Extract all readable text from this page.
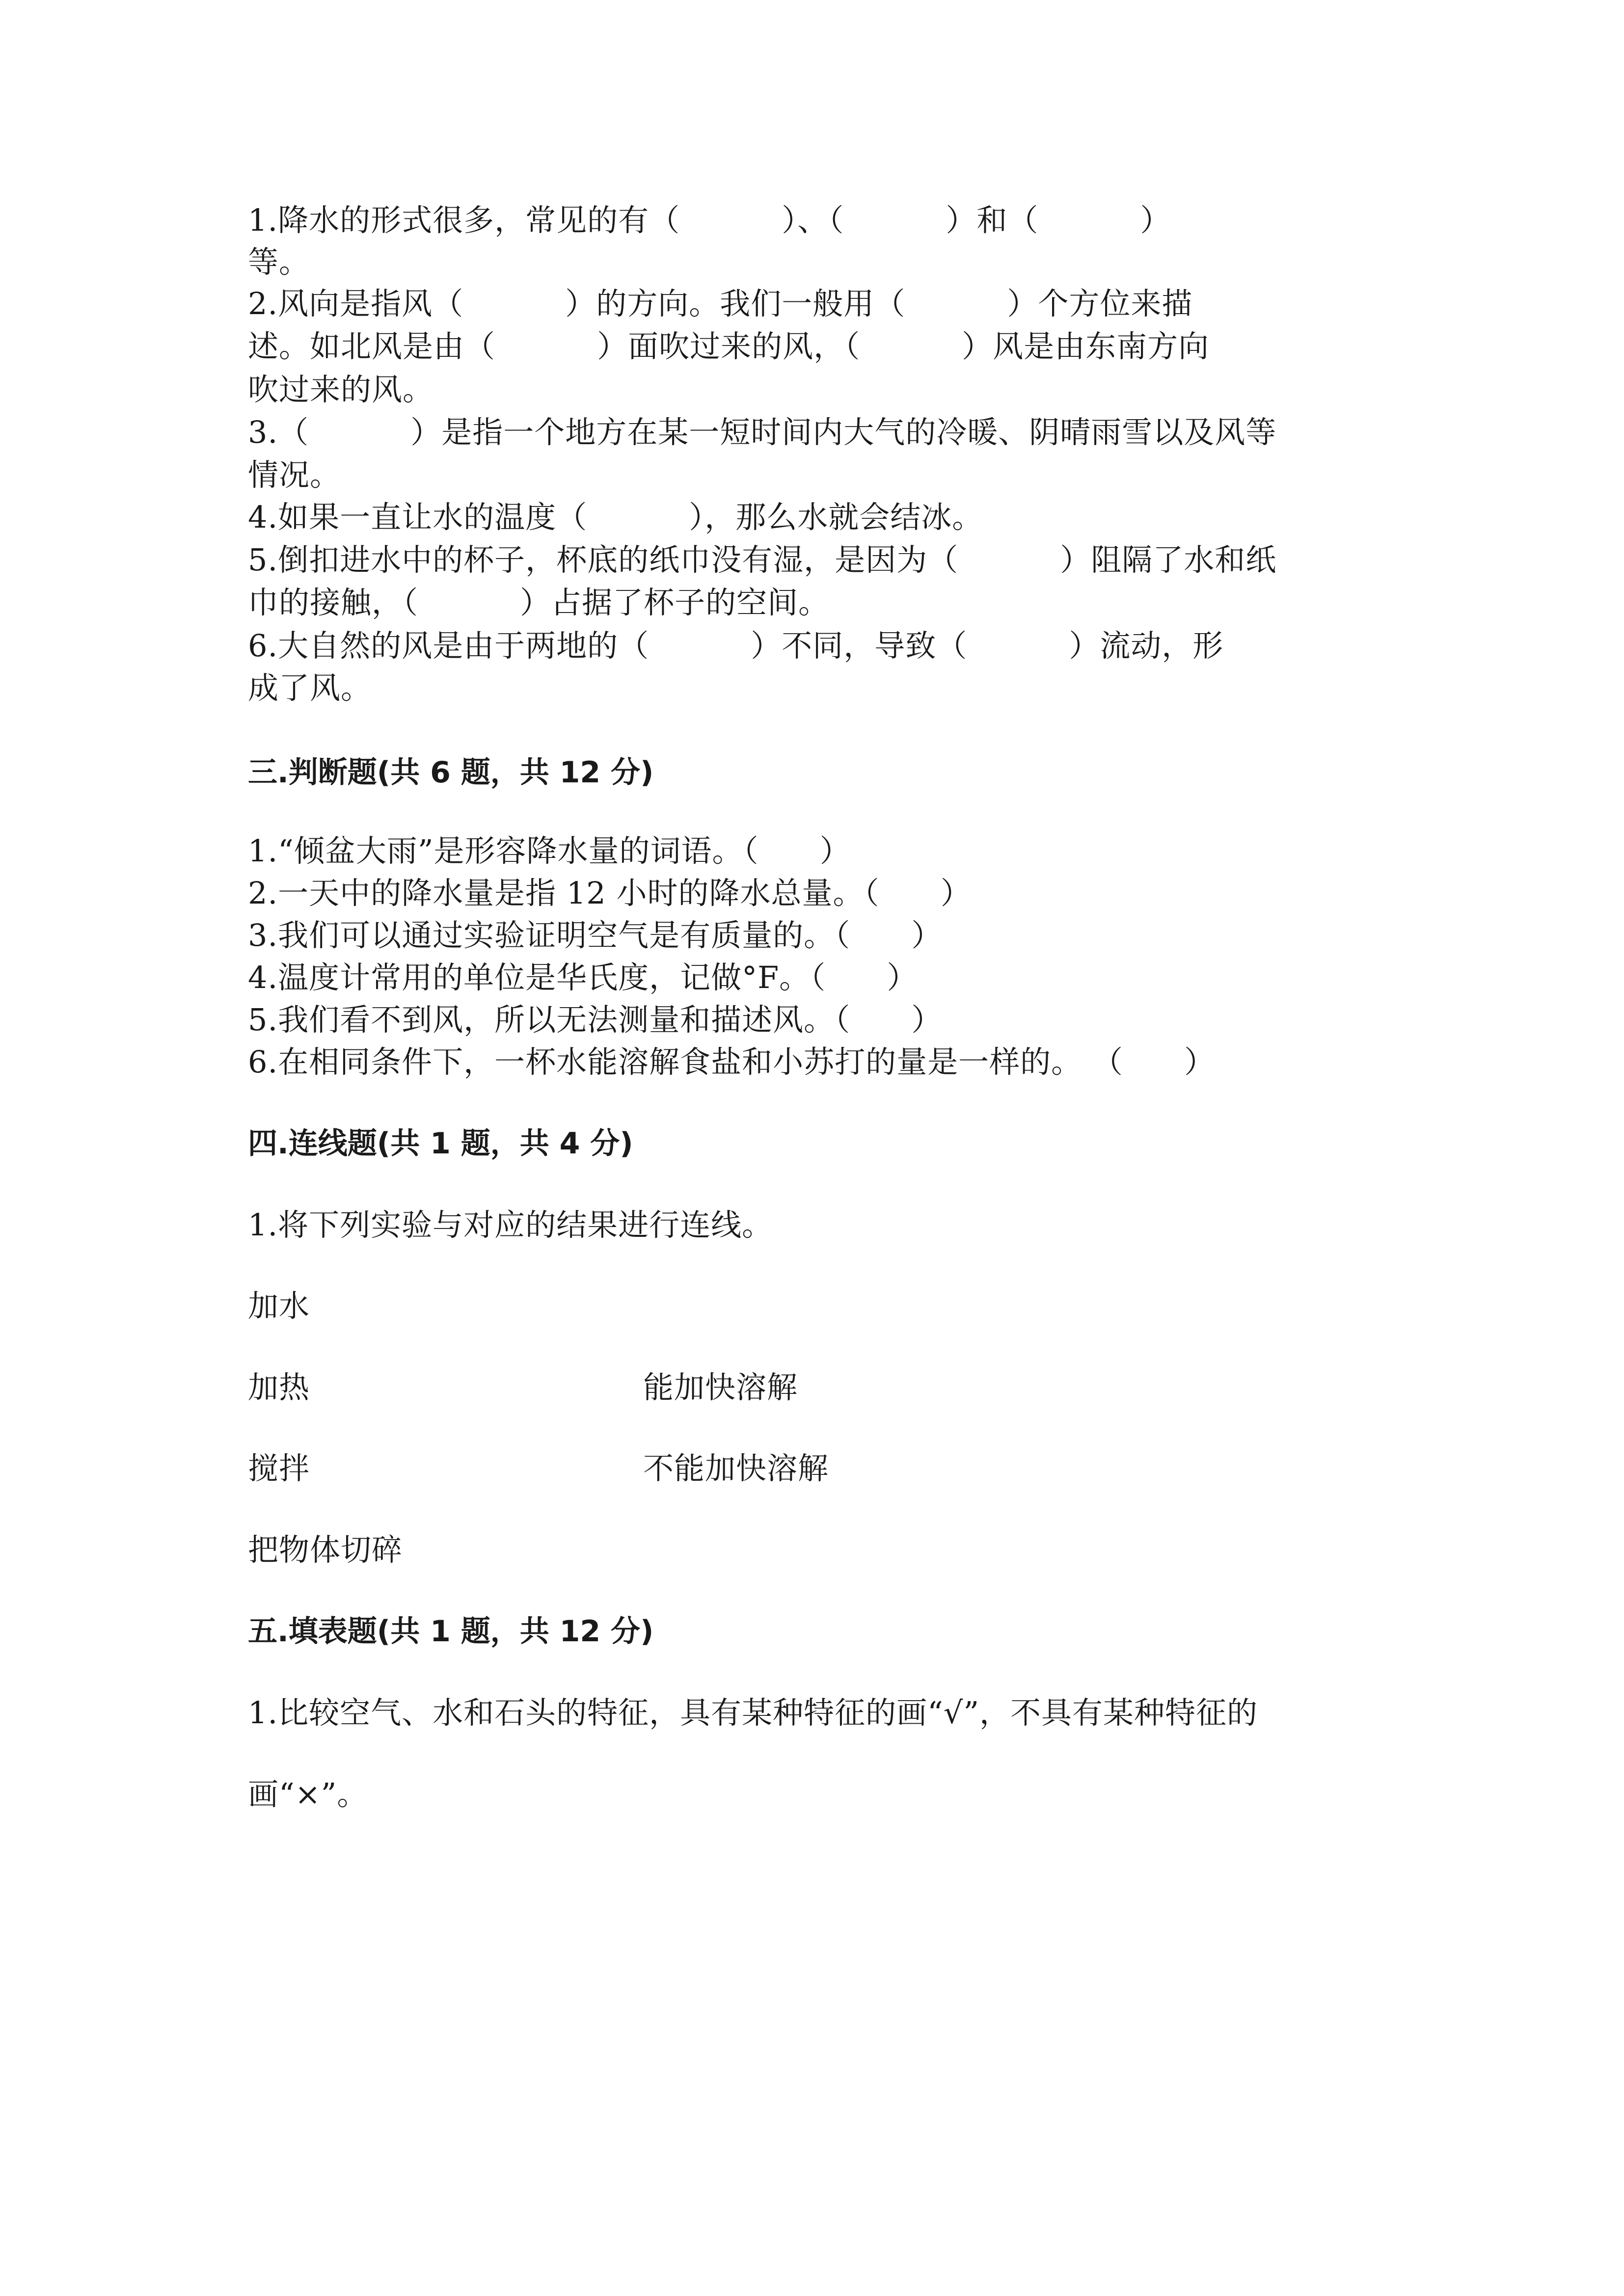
1.降水的形式很多，常见的有（          ）、（          ）和（          ）
等。
2.风向是指风（          ）的方向。我们一般用（          ）个方位来描
述。如北风是由（          ）面吹过来的风，（          ）风是由东南方向
吹过来的风。
3.（          ）是指一个地方在某一短时间内大气的冷暖、阴晴雨雪以及风等
情况。
4.如果一直让水的温度（          ），那么水就会结冰。
5.倒扣进水中的杯子，杯底的纸巾没有湿，是因为（          ）阻隔了水和纸
巾的接触，（          ）占据了杯子的空间。
6.大自然的风是由于两地的（          ）不同，导致（          ）流动，形
成了风。
三.判断题(共 6 题，共 12 分)
1.“倾盆大雨”是形容降水量的词语。（      ）
2.一天中的降水量是指 12 小时的降水总量。（      ）
3.我们可以通过实验证明空气是有质量的。（      ）
4.温度计常用的单位是华氏度，记做°F。（      ）
5.我们看不到风，所以无法测量和描述风。（      ）
6.在相同条件下，一杯水能溶解食盐和小苏打的量是一样的。 （      ）
四.连线题(共 1 题，共 4 分)
1.将下列实验与对应的结果进行连线。
加水
加热	能加快溶解
搅拌	不能加快溶解
把物体切碎
五.填表题(共 1 题，共 12 分)
1.比较空气、水和石头的特征，具有某种特征的画“√”，不具有某种特征的
画“×”。
